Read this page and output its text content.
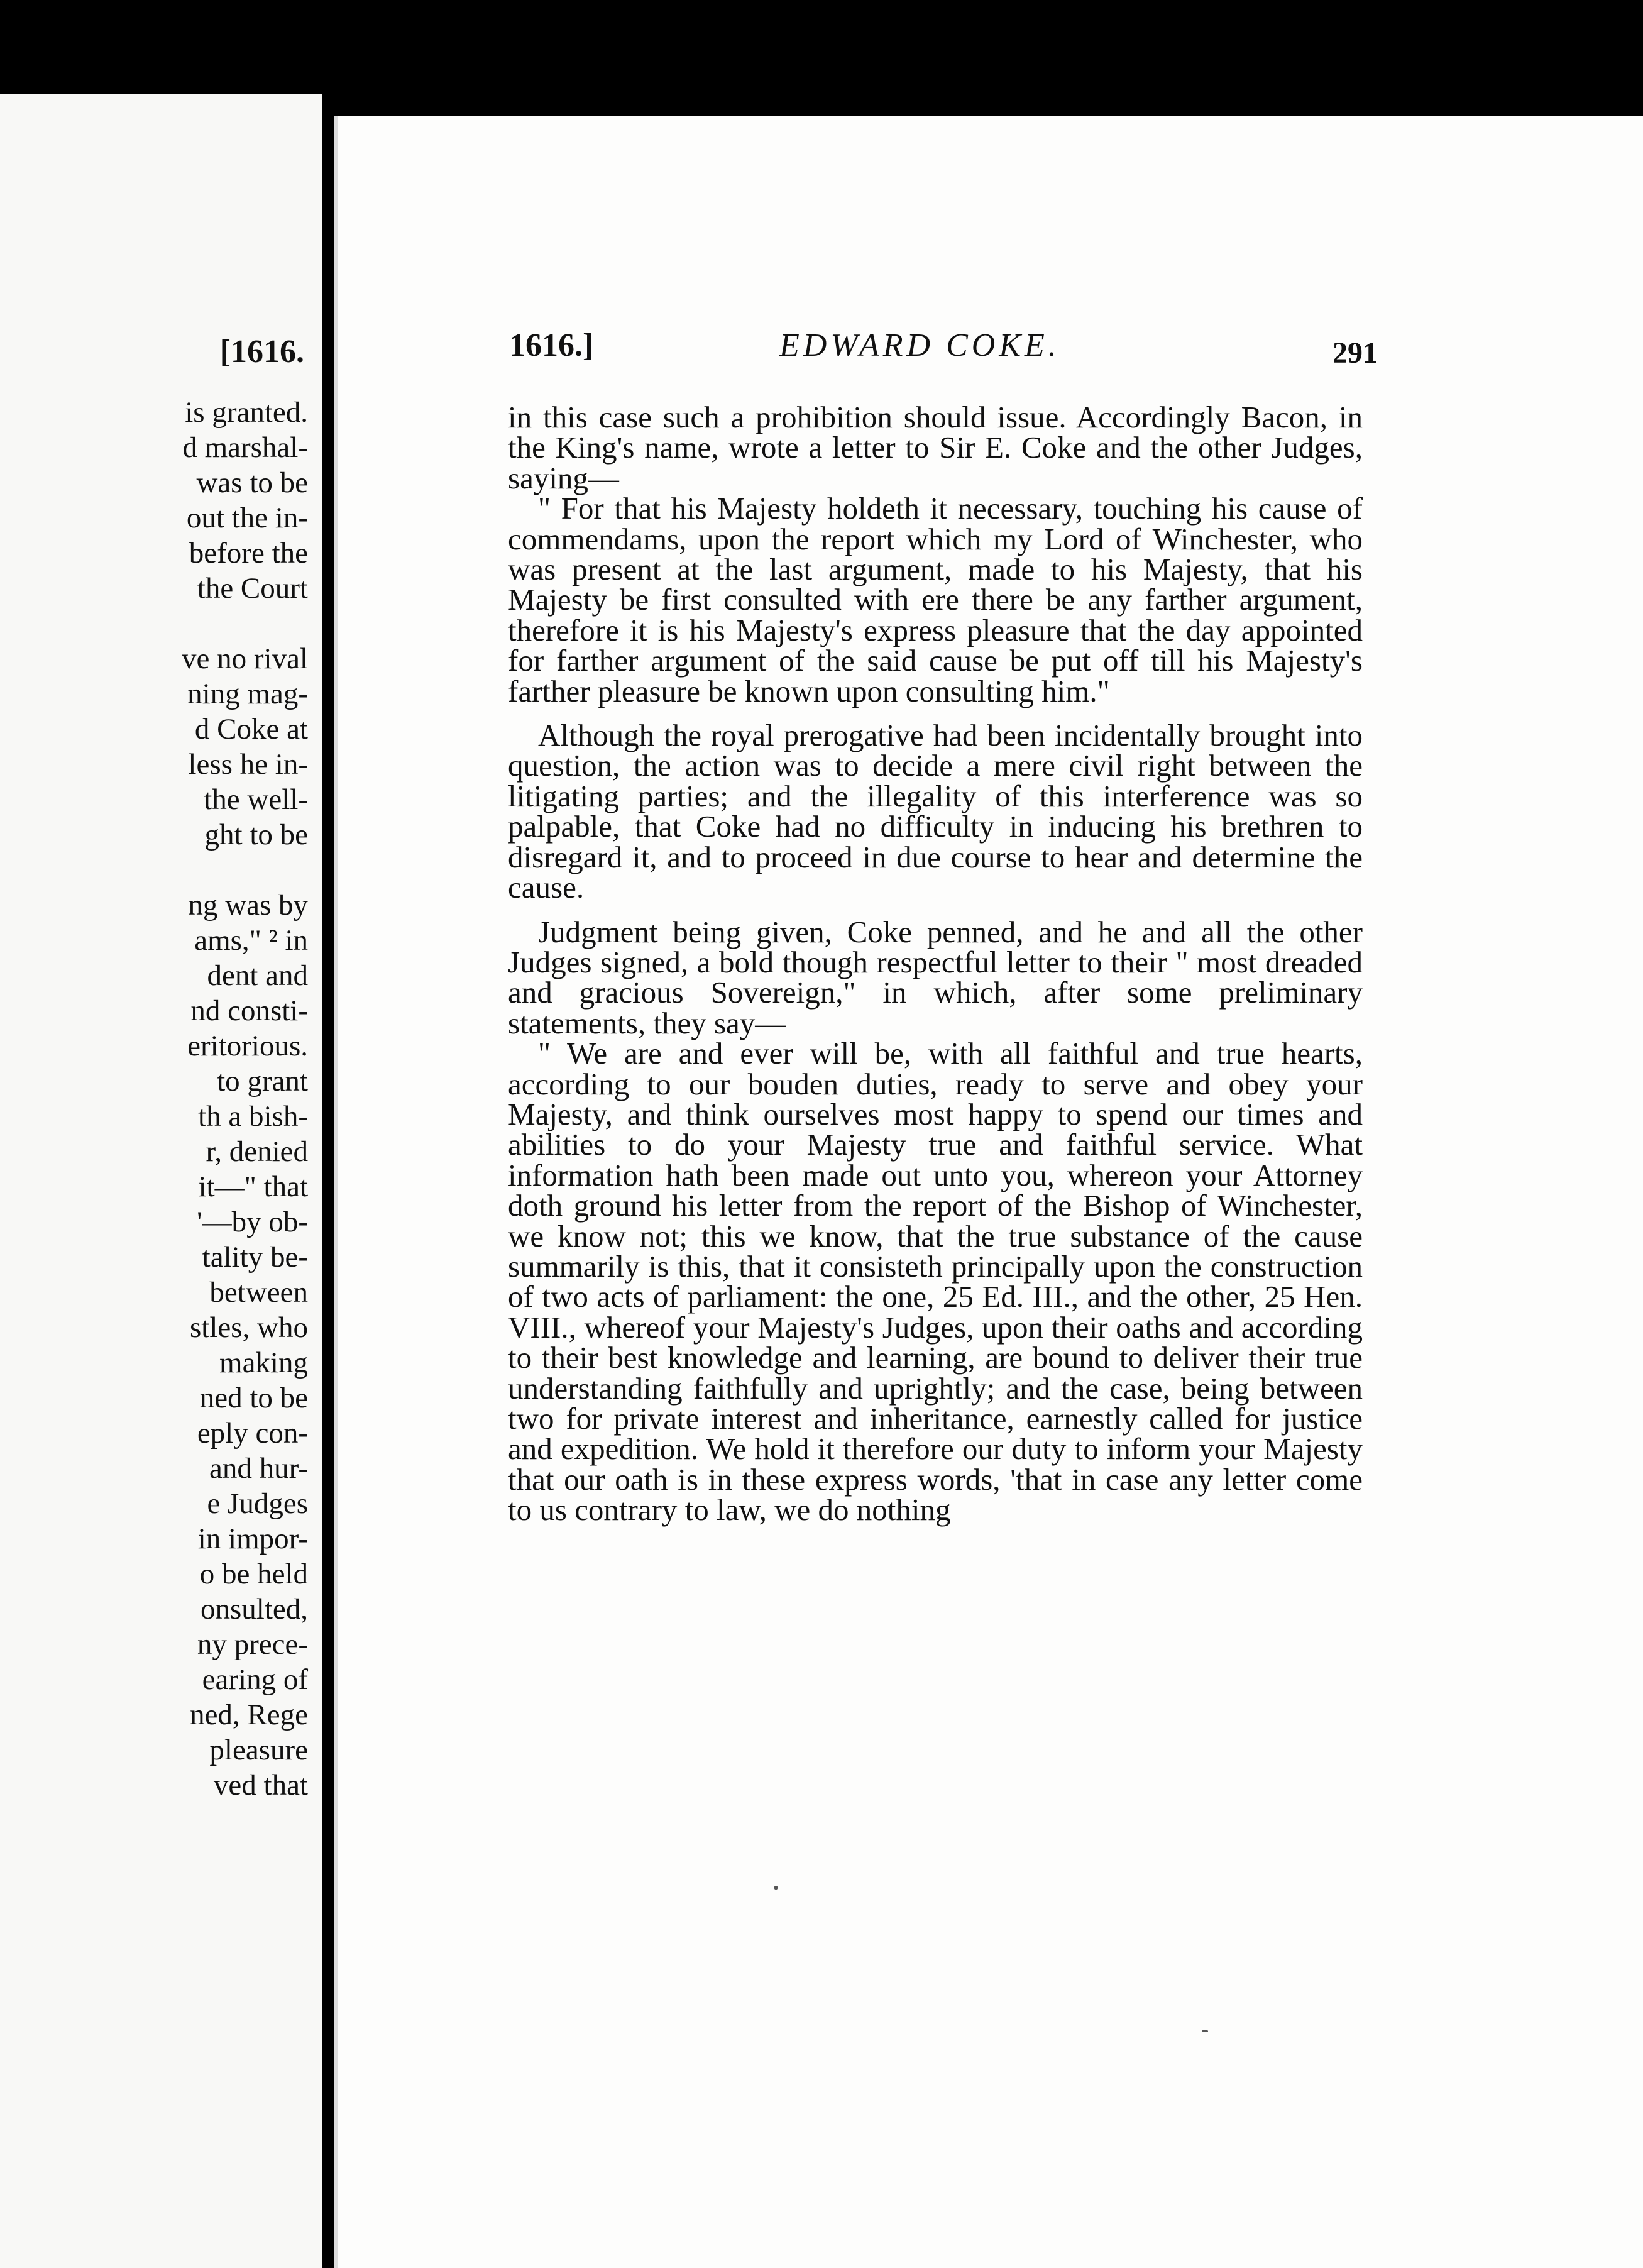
[1616.
is granted.
d marshal-
was to be
out the in-
before the
the Court
ve no rival
ning mag-
d Coke at
less he in-
the well-
ght to be
ng was by
ams," ² in
dent and
nd consti-
eritorious.
to grant
th a bish-
r, denied
it—" that
'—by ob-
tality be-
between
stles, who
making
ned to be
eply con-
and hur-
e Judges
in impor-
o be held
onsulted,
ny prece-
earing of
ned, Rege
pleasure
ved that
1616.]	EDWARD COKE.	291

in this case such a prohibition should issue. Accordingly Bacon, in the King's name, wrote a letter to Sir E. Coke and the other Judges, saying—

" For that his Majesty holdeth it necessary, touching his cause of commendams, upon the report which my Lord of Winchester, who was present at the last argument, made to his Majesty, that his Majesty be first consulted with ere there be any farther argument, therefore it is his Majesty's express pleasure that the day appointed for farther argument of the said cause be put off till his Majesty's farther pleasure be known upon consulting him."

Although the royal prerogative had been incidentally brought into question, the action was to decide a mere civil right between the litigating parties; and the illegality of this interference was so palpable, that Coke had no difficulty in inducing his brethren to disregard it, and to proceed in due course to hear and determine the cause.

Judgment being given, Coke penned, and he and all the other Judges signed, a bold though respectful letter to their " most dreaded and gracious Sovereign," in which, after some preliminary statements, they say—

" We are and ever will be, with all faithful and true hearts, according to our bouden duties, ready to serve and obey your Majesty, and think ourselves most happy to spend our times and abilities to do your Majesty true and faithful service. What information hath been made out unto you, whereon your Attorney doth ground his letter from the report of the Bishop of Winchester, we know not; this we know, that the true substance of the cause summarily is this, that it consisteth principally upon the construction of two acts of parliament: the one, 25 Ed. III., and the other, 25 Hen. VIII., whereof your Majesty's Judges, upon their oaths and according to their best knowledge and learning, are bound to deliver their true understanding faithfully and uprightly; and the case, being between two for private interest and inheritance, earnestly called for justice and expedition. We hold it therefore our duty to inform your Majesty that our oath is in these express words, 'that in case any letter come to us contrary to law, we do nothing
